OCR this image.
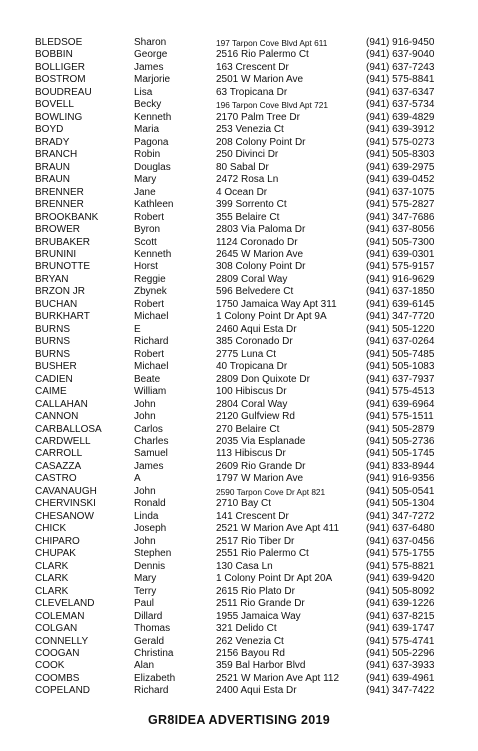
BLEDSOE	Sharon	197 Tarpon Cove Blvd Apt 611	(941) 916-9450
BOBBIN	George	2516 Rio Palermo Ct	(941) 637-9040
BOLLIGER	James	163 Crescent Dr	(941) 637-7243
BOSTROM	Marjorie	2501 W Marion Ave	(941) 575-8841
BOUDREAU	Lisa	63 Tropicana Dr	(941) 637-6347
BOVELL	Becky	196 Tarpon Cove Blvd Apt 721	(941) 637-5734
BOWLING	Kenneth	2170 Palm Tree Dr	(941) 639-4829
BOYD	Maria	253 Venezia Ct	(941) 639-3912
BRADY	Pagona	208 Colony Point Dr	(941) 575-0273
BRANCH	Robin	250 Divinci Dr	(941) 505-8303
BRAUN	Douglas	80 Sabal Dr	(941) 639-2975
BRAUN	Mary	2472 Rosa Ln	(941) 639-0452
BRENNER	Jane	4 Ocean Dr	(941) 637-1075
BRENNER	Kathleen	399 Sorrento Ct	(941) 575-2827
BROOKBANK	Robert	355 Belaire Ct	(941) 347-7686
BROWER	Byron	2803 Via Paloma Dr	(941) 637-8056
BRUBAKER	Scott	1124 Coronado Dr	(941) 505-7300
BRUNINI	Kenneth	2645 W Marion Ave	(941) 639-0301
BRUNOTTE	Horst	308 Colony Point Dr	(941) 575-9157
BRYAN	Reggie	2809 Coral Way	(941) 916-9629
BRZON JR	Zbynek	596 Belvedere Ct	(941) 637-1850
BUCHAN	Robert	1750 Jamaica Way Apt 311	(941) 639-6145
BURKHART	Michael	1 Colony Point Dr Apt 9A	(941) 347-7720
BURNS	E	2460 Aqui Esta Dr	(941) 505-1220
BURNS	Richard	385 Coronado Dr	(941) 637-0264
BURNS	Robert	2775 Luna Ct	(941) 505-7485
BUSHER	Michael	40 Tropicana Dr	(941) 505-1083
CADIEN	Beate	2809 Don Quixote Dr	(941) 637-7937
CAIME	William	100 Hibiscus Dr	(941) 575-4513
CALLAHAN	John	2804 Coral Way	(941) 639-6964
CANNON	John	2120 Gulfview Rd	(941) 575-1511
CARBALLOSA	Carlos	270 Belaire Ct	(941) 505-2879
CARDWELL	Charles	2035 Via Esplanade	(941) 505-2736
CARROLL	Samuel	113 Hibiscus Dr	(941) 505-1745
CASAZZA	James	2609 Rio Grande Dr	(941) 833-8944
CASTRO	A	1797 W Marion Ave	(941) 916-9356
CAVANAUGH	John	2590 Tarpon Cove Dr Apt 821	(941) 505-0541
CHERVINSKI	Ronald	2710 Bay Ct	(941) 505-1304
CHESANOW	Linda	141 Crescent Dr	(941) 347-7272
CHICK	Joseph	2521 W Marion Ave Apt 411	(941) 637-6480
CHIPARO	John	2517 Rio Tiber Dr	(941) 637-0456
CHUPAK	Stephen	2551 Rio Palermo Ct	(941) 575-1755
CLARK	Dennis	130 Casa Ln	(941) 575-8821
CLARK	Mary	1 Colony Point Dr Apt 20A	(941) 639-9420
CLARK	Terry	2615 Rio Plato Dr	(941) 505-8092
CLEVELAND	Paul	2511 Rio Grande Dr	(941) 639-1226
COLEMAN	Dillard	1955 Jamaica Way	(941) 637-8215
COLGAN	Thomas	321 Delido Ct	(941) 639-1747
CONNELLY	Gerald	262 Venezia Ct	(941) 575-4741
COOGAN	Christina	2156 Bayou Rd	(941) 505-2296
COOK	Alan	359 Bal Harbor Blvd	(941) 637-3933
COOMBS	Elizabeth	2521 W Marion Ave Apt 112	(941) 639-4961
COPELAND	Richard	2400 Aqui Esta Dr	(941) 347-7422
GR8IDEA ADVERTISING 2019
